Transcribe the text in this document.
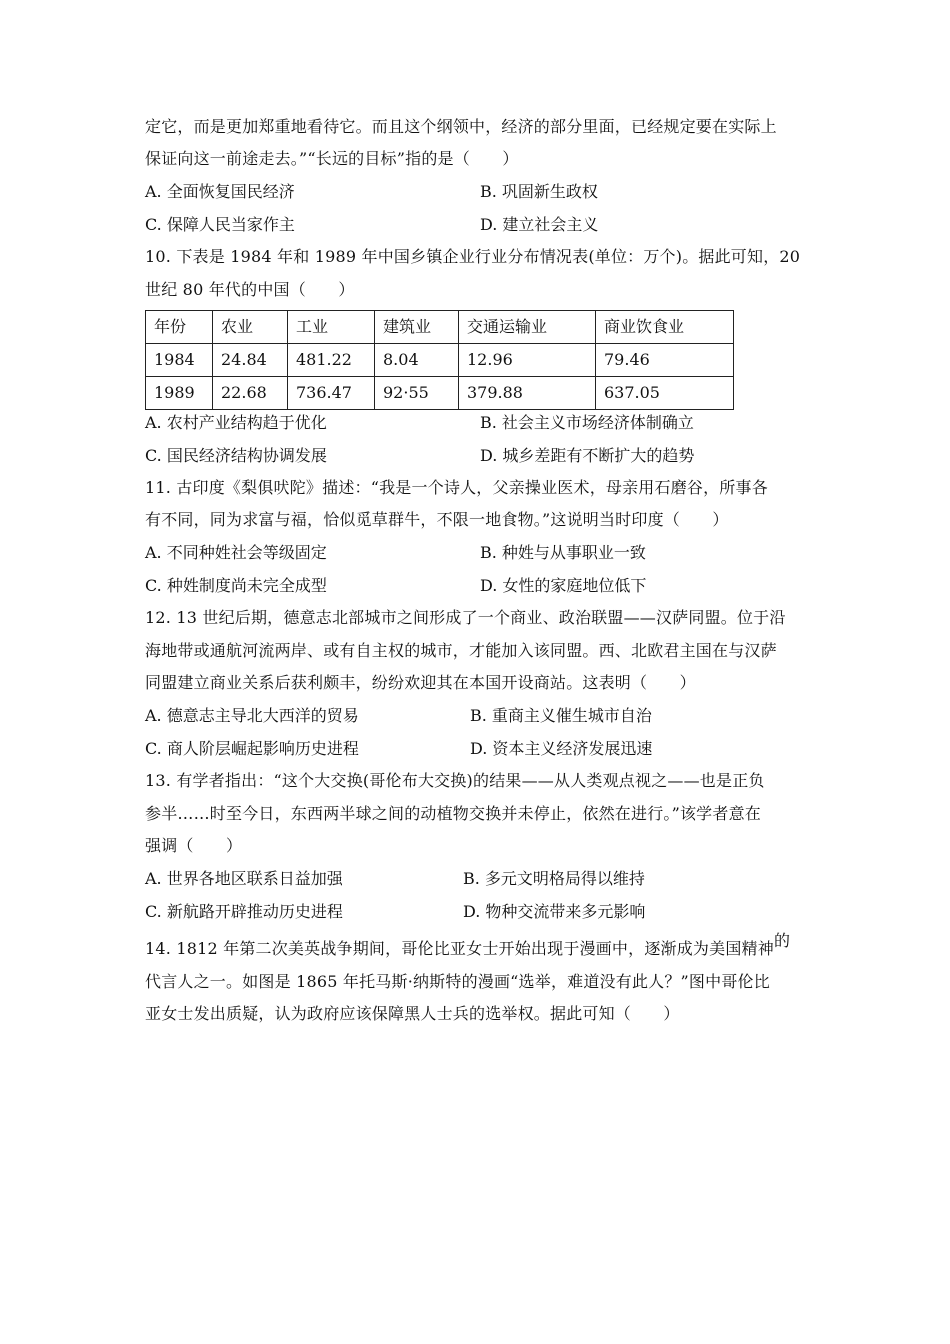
定它，而是更加郑重地看待它。而且这个纲领中，经济的部分里面，已经规定要在实际上
保证向这一前途走去。”“长远的目标”指的是（　　）
A. 全面恢复国民经济	B. 巩固新生政权
C. 保障人民当家作主	D. 建立社会主义
10. 下表是 1984 年和 1989 年中国乡镇企业行业分布情况表(单位：万个)。据此可知，20
世纪 80 年代的中国（　　）
年份	农业	工业	建筑业	交通运输业	商业饮食业
1984	24.84	481.22	8.04	12.96	79.46
1989	22.68	736.47	92·55	379.88	637.05
A. 农村产业结构趋于优化	B. 社会主义市场经济体制确立
C. 国民经济结构协调发展	D. 城乡差距有不断扩大的趋势
11. 古印度《梨俱吠陀》描述：“我是一个诗人，父亲操业医术，母亲用石磨谷，所事各
有不同，同为求富与福，恰似觅草群牛，不限一地食物。”这说明当时印度（　　）
A. 不同种姓社会等级固定	B. 种姓与从事职业一致
C. 种姓制度尚未完全成型	D. 女性的家庭地位低下
12. 13 世纪后期，德意志北部城市之间形成了一个商业、政治联盟——汉萨同盟。位于沿
海地带或通航河流两岸、或有自主权的城市，才能加入该同盟。西、北欧君主国在与汉萨
同盟建立商业关系后获利颇丰，纷纷欢迎其在本国开设商站。这表明（　　）
A. 德意志主导北大西洋的贸易	B. 重商主义催生城市自治
C. 商人阶层崛起影响历史进程	D. 资本主义经济发展迅速
13. 有学者指出：“这个大交换(哥伦布大交换)的结果——从人类观点视之——也是正负
参半……时至今日，东西两半球之间的动植物交换并未停止，依然在进行。”该学者意在
强调（　　）
A. 世界各地区联系日益加强	B. 多元文明格局得以维持
C. 新航路开辟推动历史进程	D. 物种交流带来多元影响
14. 1812 年第二次美英战争期间，哥伦比亚女士开始出现于漫画中，逐渐成为美国精神$^的$
代言人之一。如图是 1865 年托马斯·纳斯特的漫画“选举，难道没有此人？”图中哥伦比
亚女士发出质疑，认为政府应该保障黑人士兵的选举权。据此可知（　　）
